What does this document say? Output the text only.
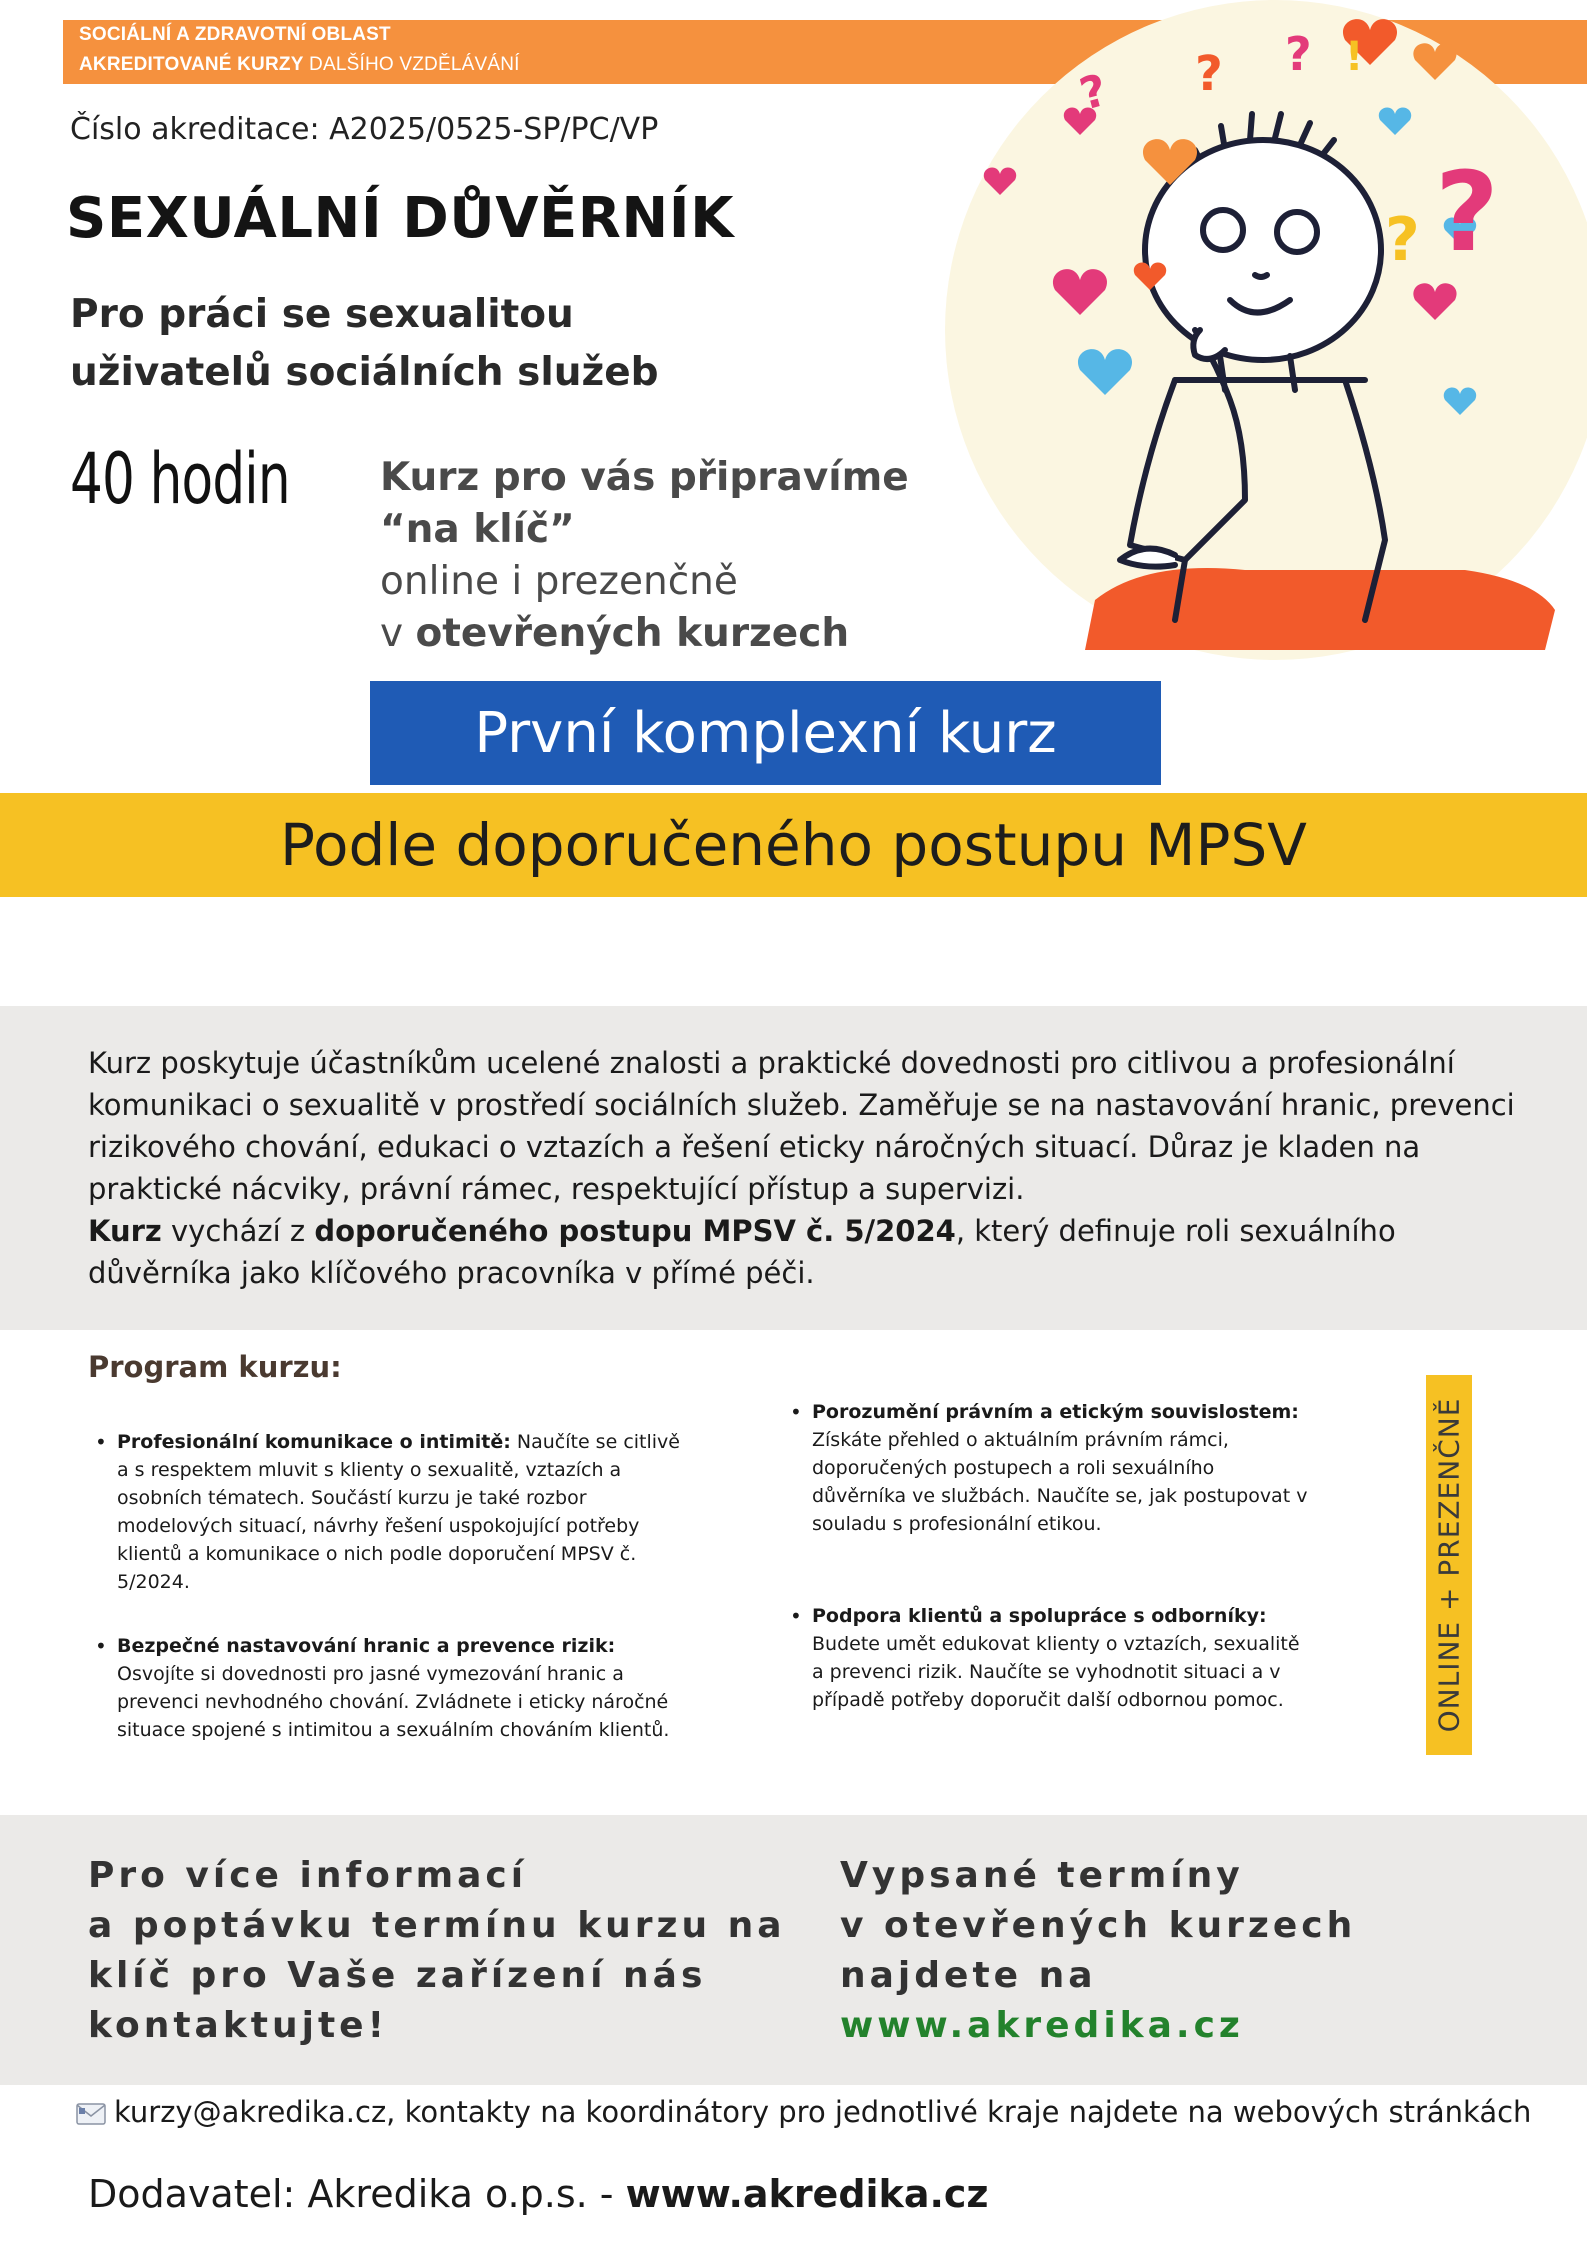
SOCIÁLNÍ A ZDRAVOTNÍ OBLAST
AKREDITOVANÉ KURZY DALŠÍHO VZDĚLÁVÁNÍ
Číslo akreditace: A2025/0525-SP/PC/VP
SEXUÁLNÍ DŮVĚRNÍK
Pro práci se sexualitou
uživatelů sociálních služeb
40 hodin Kurz pro vás připravíme
“na klíč”
online i prezenčně
v otevřených kurzech
?
?
?
?
?
!
První komplexní kurz
Podle doporučeného postupu MPSV
Kurz poskytuje účastníkům ucelené znalosti a praktické dovednosti pro citlivou a profesionální komunikaci o sexualitě v prostředí sociálních služeb. Zaměřuje se na nastavování hranic, prevenci rizikového chování, edukaci o vztazích a řešení eticky náročných situací. Důraz je kladen na praktické nácviky, právní rámec, respektující přístup a supervizi.
Kurz vychází z doporučeného postupu MPSV č. 5/2024, který definuje roli sexuálního důvěrníka jako klíčového pracovníka v přímé péči.
Program kurzu:
• Profesionální komunikace o intimitě: Naučíte se citlivě a s respektem mluvit s klienty o sexualitě, vztazích a osobních tématech. Součástí kurzu je také rozbor modelových situací, návrhy řešení uspokojující potřeby klientů a komunikace o nich podle doporučení MPSV č. 5/2024.
• Bezpečné nastavování hranic a prevence rizik: Osvojíte si dovednosti pro jasné vymezování hranic a prevenci nevhodného chování. Zvládnete i eticky náročné situace spojené s intimitou a sexuálním chováním klientů.
• Porozumění právním a etickým souvislostem: Získáte přehled o aktuálním právním rámci, doporučených postupech a roli sexuálního důvěrníka ve službách. Naučíte se, jak postupovat v souladu s profesionální etikou.
• Podpora klientů a spolupráce s odborníky: Budete umět edukovat klienty o vztazích, sexualitě a prevenci rizik. Naučíte se vyhodnotit situaci a v případě potřeby doporučit další odbornou pomoc.	ONLINE + PREZENČNĚ
Pro více informací
a poptávku termínu kurzu na
klíč pro Vaše zařízení nás
kontaktujte!
Vypsané termíny
v otevřených kurzech
najdete na
www.akredika.cz
kurzy@akredika.cz, kontakty na koordinátory pro jednotlivé kraje najdete na webových stránkách
Dodavatel: Akredika o.p.s. - www.akredika.cz
